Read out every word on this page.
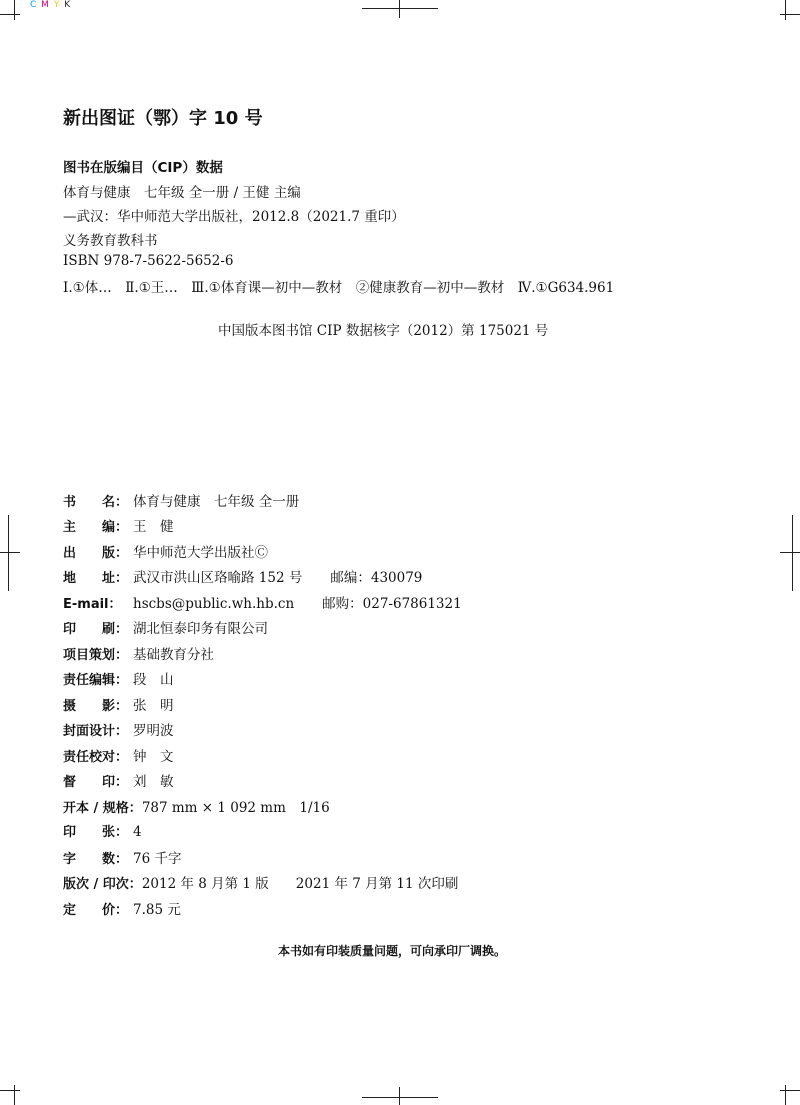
C M Y K
新出图证（鄂）字 10 号
图书在版编目（CIP）数据
体育与健康　七年级 全一册 / 王健 主编
—武汉：华中师范大学出版社，2012.8（2021.7 重印）
义务教育教科书
ISBN 978-7-5622-5652-6
Ⅰ.①体…　Ⅱ.①王…　Ⅲ.①体育课—初中—教材　②健康教育—初中—教材　Ⅳ.①G634.961
中国版本图书馆 CIP 数据核字（2012）第 175021 号
书　　名： 体育与健康　七年级 全一册
主　　编： 王　健
出　　版： 华中师范大学出版社Ⓒ
地　　址： 武汉市洪山区珞喻路 152 号 邮编：430079
E-mail： hscbs@public.wh.hb.cn 邮购：027-67861321
印　　刷： 湖北恒泰印务有限公司
项目策划： 基础教育分社
责任编辑： 段　山
摄　　影： 张　明
封面设计： 罗明波
责任校对： 钟　文
督　　印： 刘　敏
开本 / 规格：787 mm × 1 092 mm　1/16
印　　张： 4
字　　数： 76 千字
版次 / 印次：2012 年 8 月第 1 版　　2021 年 7 月第 11 次印刷
定　　价： 7.85 元
本书如有印装质量问题，可向承印厂调换。
